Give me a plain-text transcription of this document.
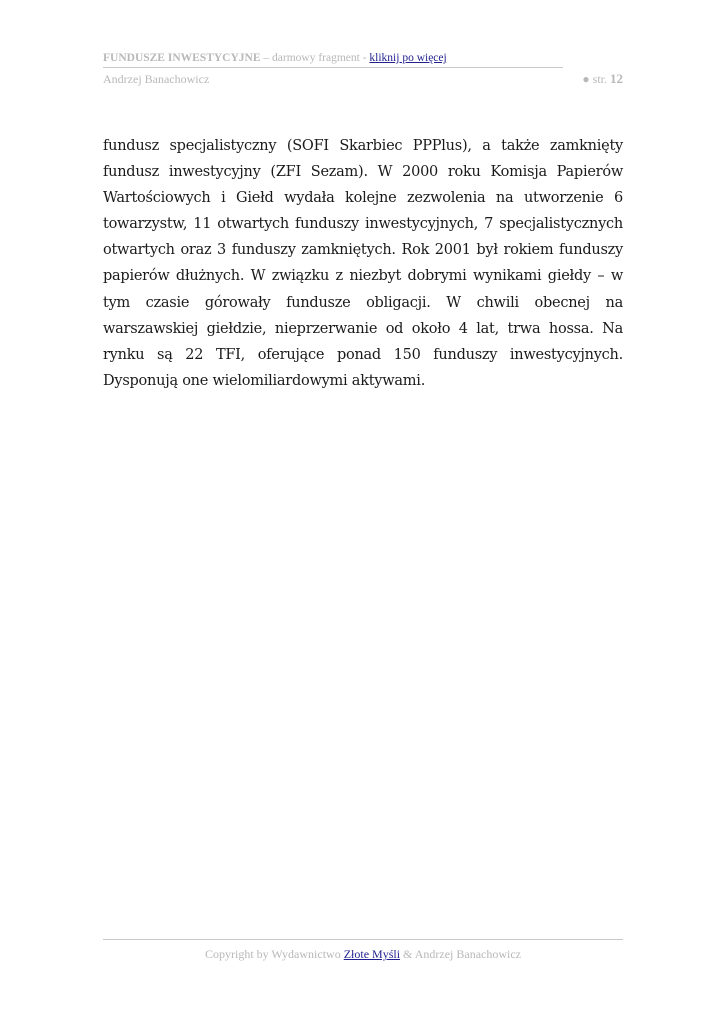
FUNDUSZE INWESTYCYJNE – darmowy fragment - kliknij po więcej
Andrzej Banachowicz	● str. 12

fundusz specjalistyczny (SOFI Skarbiec PPPlus), a także zamknięty fundusz inwestycyjny (ZFI Sezam). W 2000 roku Komisja Papierów Wartościowych i Giełd wydała kolejne zezwolenia na utworzenie 6 towarzystw, 11 otwartych funduszy inwestycyjnych, 7 specjalistycznych otwartych oraz 3 funduszy zamkniętych. Rok 2001 był rokiem funduszy papierów dłużnych. W związku z niezbyt dobrymi wynikami giełdy – w tym czasie górowały fundusze obligacji. W chwili obecnej na warszawskiej giełdzie, nieprzerwanie od około 4 lat, trwa hossa. Na rynku są 22 TFI, oferujące ponad 150 funduszy inwestycyjnych. Dysponują one wielomiliardowymi aktywami.

Copyright by Wydawnictwo Złote Myśli & Andrzej Banachowicz
